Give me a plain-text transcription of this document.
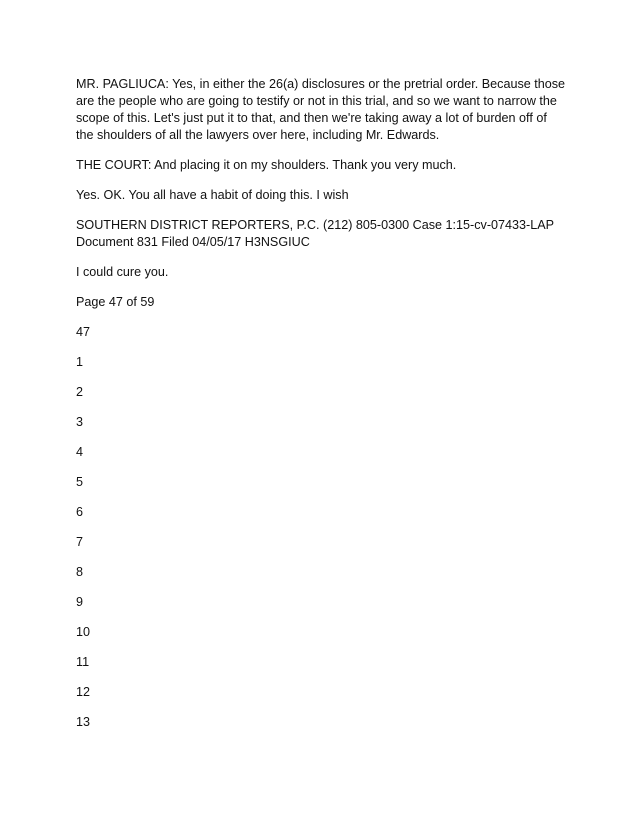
MR. PAGLIUCA: Yes, in either the 26(a) disclosures or the pretrial order. Because those are the people who are going to testify or not in this trial, and so we want to narrow the scope of this. Let's just put it to that, and then we're taking away a lot of burden off of the shoulders of all the lawyers over here, including Mr. Edwards.

THE COURT: And placing it on my shoulders. Thank you very much.

Yes. OK. You all have a habit of doing this. I wish

SOUTHERN DISTRICT REPORTERS, P.C. (212) 805-0300 Case 1:15-cv-07433-LAP Document 831 Filed 04/05/17 H3NSGIUC

I could cure you.

Page 47 of 59

47

1
2
3
4
5
6
7
8
9
10
11
12
13
